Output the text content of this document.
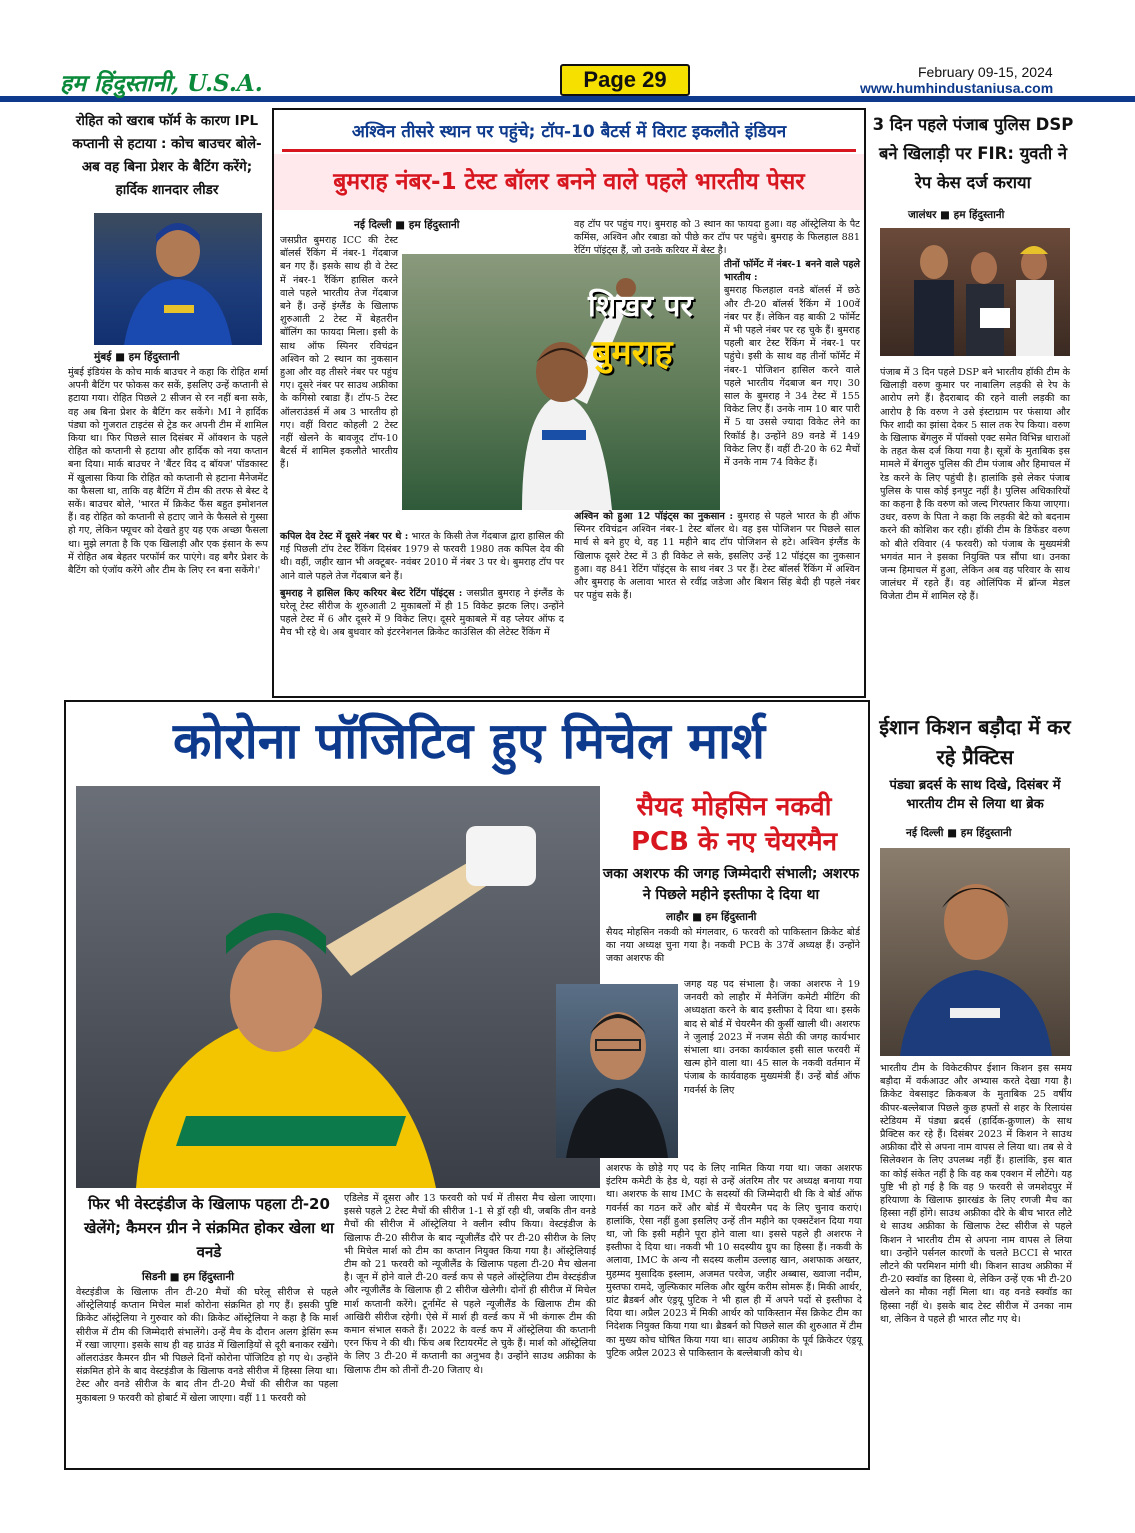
हम हिंदुस्तानी, U.S.A.	Page 29	February 09-15, 2024
www.humhindustaniusa.com
रोहित को खराब फॉर्म के कारण IPL कप्तानी से हटाया : कोच बाउचर बोले- अब वह बिना प्रेशर के बैटिंग करेंगे; हार्दिक शानदार लीडर

मुंबई ■ हम हिंदुस्तानी

मुंबई इंडियंस के कोच मार्क बाउचर ने कहा कि रोहित शर्मा अपनी बैटिंग पर फोकस कर सकें, इसलिए उन्हें कप्तानी से हटाया गया। रोहित पिछले 2 सीजन से रन नहीं बना सके, वह अब बिना प्रेशर के बैटिंग कर सकेंगे। MI ने हार्दिक पंड्या को गुजरात टाइटंस से ट्रेड कर अपनी टीम में शामिल किया था। फिर पिछले साल दिसंबर में ऑक्शन के पहले रोहित को कप्तानी से हटाया और हार्दिक को नया कप्तान बना दिया। मार्क बाउचर ने 'बैंटर विद द बॉयज' पॉडकास्ट में खुलासा किया कि रोहित को कप्तानी से हटाना मैनेजमेंट का फैसला था, ताकि वह बैटिंग में टीम की तरफ से बेस्ट दे सकें। बाउचर बोले, 'भारत में क्रिकेट फैंस बहुत इमोशनल हैं। वह रोहित को कप्तानी से हटाए जाने के फैसले से गुस्सा हो गए, लेकिन फ्यूचर को देखते हुए यह एक अच्छा फैसला था। मुझे लगता है कि एक खिलाड़ी और एक इंसान के रूप में रोहित अब बेहतर परफॉर्म कर पाएंगे। वह बगैर प्रेशर के बैटिंग को एंजॉय करेंगे और टीम के लिए रन बना सकेंगे।'

अश्विन तीसरे स्थान पर पहुंचे; टॉप-10 बैटर्स में विराट इकलौते इंडियन
बुमराह नंबर-1 टेस्ट बॉलर बनने वाले पहले भारतीय पेसर

नई दिल्ली ■ हम हिंदुस्तानी

शिखर पर
बुमराह

जसप्रीत बुमराह ICC की टेस्ट बॉलर्स रैंकिंग में नंबर-1 गेंदबाज बन गए हैं। इसके साथ ही वे टेस्ट में नंबर-1 रैंकिंग हासिल करने वाले पहले भारतीय तेज गेंदबाज बने हैं। उन्हें इंग्लैंड के खिलाफ शुरुआती 2 टेस्ट में बेहतरीन बॉलिंग का फायदा मिला। इसी के साथ ऑफ स्पिनर रविचंद्रन अश्विन को 2 स्थान का नुकसान हुआ और वह तीसरे नंबर पर पहुंच गए। दूसरे नंबर पर साउथ अफ्रीका के कगिसो रबाडा हैं। टॉप-5 टेस्ट ऑलराउंडर्स में अब 3 भारतीय हो गए। वहीं विराट कोहली 2 टेस्ट नहीं खेलने के बावजूद टॉप-10 बैटर्स में शामिल इकलौते भारतीय हैं।

कपिल देव टेस्ट में दूसरे नंबर पर थे : भारत के किसी तेज गेंदबाज द्वारा हासिल की गई पिछली टॉप टेस्ट रैंकिंग दिसंबर 1979 से फरवरी 1980 तक कपिल देव की थी। वहीं, जहीर खान भी अक्टूबर- नवंबर 2010 में नंबर 3 पर थे। बुमराह टॉप पर आने वाले पहले तेज गेंदबाज बने हैं।

बुमराह ने हासिल किए करियर बेस्ट रेटिंग पॉइंट्स : जसप्रीत बुमराह ने इंग्लैंड के घरेलू टेस्ट सीरीज के शुरुआती 2 मुकाबलों में ही 15 विकेट झटक लिए। उन्होंने पहले टेस्ट में 6 और दूसरे में 9 विकेट लिए। दूसरे मुकाबले में वह प्लेयर ऑफ द मैच भी रहे थे। अब बुधवार को इंटरनेशनल क्रिकेट काउंसिल की लेटेस्ट रैंकिंग में

वह टॉप पर पहुंच गए। बुमराह को 3 स्थान का फायदा हुआ। वह ऑस्ट्रेलिया के पैट कमिंस, अश्विन और रबाडा को पीछे कर टॉप पर पहुंचे। बुमराह के फिलहाल 881 रेटिंग पॉइंट्स हैं, जो उनके करियर में बेस्ट है।

तीनों फॉर्मेट में नंबर-1 बनने वाले पहले भारतीय :

बुमराह फिलहाल वनडे बॉलर्स में छठे और टी-20 बॉलर्स रैंकिंग में 100वें नंबर पर हैं। लेकिन वह बाकी 2 फॉर्मेट में भी पहले नंबर पर रह चुके हैं। बुमराह पहली बार टेस्ट रैंकिंग में नंबर-1 पर पहुंचे। इसी के साथ वह तीनों फॉर्मेट में नंबर-1 पोजिशन हासिल करने वाले पहले भारतीय गेंदबाज बन गए। 30 साल के बुमराह ने 34 टेस्ट में 155 विकेट लिए हैं। उनके नाम 10 बार पारी में 5 या उससे ज्यादा विकेट लेने का रिकॉर्ड है। उन्होंने 89 वनडे में 149 विकेट लिए हैं। वहीं टी-20 के 62 मैचों में उनके नाम 74 विकेट हैं।

अश्विन को हुआ 12 पॉइंट्स का नुकसान : बुमराह से पहले भारत के ही ऑफ स्पिनर रविचंद्रन अश्विन नंबर-1 टेस्ट बॉलर थे। वह इस पोजिशन पर पिछले साल मार्च से बने हुए थे, वह 11 महीने बाद टॉप पोजिशन से हटे। अश्विन इंग्लैंड के खिलाफ दूसरे टेस्ट में 3 ही विकेट ले सके, इसलिए उन्हें 12 पॉइंट्स का नुकसान हुआ। वह 841 रेटिंग पॉइंट्स के साथ नंबर 3 पर हैं। टेस्ट बॉलर्स रैंकिंग में अश्विन और बुमराह के अलावा भारत से रवींद्र जडेजा और बिशन सिंह बेदी ही पहले नंबर पर पहुंच सके हैं।

3 दिन पहले पंजाब पुलिस DSP बने खिलाड़ी पर FIR: युवती ने रेप केस दर्ज कराया

जालंधर ■ हम हिंदुस्तानी

पंजाब में 3 दिन पहले DSP बने भारतीय हॉकी टीम के खिलाड़ी वरुण कुमार पर नाबालिग लड़की से रेप के आरोप लगे हैं। हैदराबाद की रहने वाली लड़की का आरोप है कि वरुण ने उसे इंस्टाग्राम पर फंसाया और फिर शादी का झांसा देकर 5 साल तक रेप किया। वरुण के खिलाफ बेंगलुरु में पॉक्सो एक्ट समेत विभिन्न धाराओं के तहत केस दर्ज किया गया है। सूत्रों के मुताबिक इस मामले में बेंगलुरु पुलिस की टीम पंजाब और हिमाचल में रेड करने के लिए पहुंची है। हालांकि इसे लेकर पंजाब पुलिस के पास कोई इनपुट नहीं है। पुलिस अधिकारियों का कहना है कि वरुण को जल्द गिरफ्तार किया जाएगा। उधर, वरुण के पिता ने कहा कि लड़की बेटे को बदनाम करने की कोशिश कर रही। हॉकी टीम के डिफेंडर वरुण को बीते रविवार (4 फरवरी) को पंजाब के मुख्यमंत्री भगवंत मान ने इसका नियुक्ति पत्र सौंपा था। उनका जन्म हिमाचल में हुआ, लेकिन अब वह परिवार के साथ जालंधर में रहते हैं। वह ओलिंपिक में ब्रॉन्ज मेडल विजेता टीम में शामिल रहे हैं।

कोरोना पॉजिटिव हुए मिचेल मार्श
सैयद मोहसिन नकवी
PCB के नए चेयरमैन
जका अशरफ की जगह जिम्मेदारी संभाली; अशरफ ने पिछले महीने इस्तीफा दे दिया था

लाहौर ■ हम हिंदुस्तानी

सैयद मोहसिन नकवी को मंगलवार, 6 फरवरी को पाकिस्तान क्रिकेट बोर्ड का नया अध्यक्ष चुना गया है। नकवी PCB के 37वें अध्यक्ष हैं। उन्होंने जका अशरफ की

जगह यह पद संभाला है। जका अशरफ ने 19 जनवरी को लाहौर में मैनेजिंग कमेटी मीटिंग की अध्यक्षता करने के बाद इस्तीफा दे दिया था। इसके बाद से बोर्ड में चेयरमैन की कुर्सी खाली थी। अशरफ ने जुलाई 2023 में नजम सेठी की जगह कार्यभार संभाला था। उनका कार्यकाल इसी साल फरवरी में खत्म होने वाला था। 45 साल के नकवी वर्तमान में पंजाब के कार्यवाहक मुख्यमंत्री हैं। उन्हें बोर्ड ऑफ गवर्नर्स के लिए

अशरफ के छोड़े गए पद के लिए नामित किया गया था। जका अशरफ इंटरिम कमेटी के हेड थे, यहां से उन्हें अंतरिम तौर पर अध्यक्ष बनाया गया था। अशरफ के साथ IMC के सदस्यों की जिम्मेदारी थी कि वे बोर्ड ऑफ गवर्नर्स का गठन करें और बोर्ड में चैयरमैन पद के लिए चुनाव कराएं। हालांकि, ऐसा नहीं हुआ इसलिए उन्हें तीन महीने का एक्सटेंशन दिया गया था, जो कि इसी महीने पूरा होने वाला था। इससे पहले ही अशरफ ने इस्तीफा दे दिया था। नकवी भी 10 सदस्यीय ग्रुप का हिस्सा हैं। नकवी के अलावा, IMC के अन्य नौ सदस्य कलीम उल्लाह खान, अशफाक अख्तर, मुहम्मद मुसादिक इस्लाम, अजमत परवेज, जहीर अब्बास, ख्वाजा नदीम, मुस्तफा रामदे, जुल्फिकार मलिक और खुर्रम करीम सोमरू हैं। मिकी आर्थर, ग्रांट ब्रैडबर्न और एंड्रयू पुटिक ने भी हाल ही में अपने पदों से इस्तीफा दे दिया था। अप्रैल 2023 में मिकी आर्थर को पाकिस्तान मेंस क्रिकेट टीम का निदेशक नियुक्त किया गया था। ब्रैडबर्न को पिछले साल की शुरुआत में टीम का मुख्य कोच घोषित किया गया था। साउथ अफ्रीका के पूर्व क्रिकेटर एंड्रयू पुटिक अप्रैल 2023 से पाकिस्तान के बल्लेबाजी कोच थे।

फिर भी वेस्टइंडीज के खिलाफ पहला टी-20 खेलेंगे; कैमरन ग्रीन ने संक्रमित होकर खेला था वनडे

सिडनी ■ हम हिंदुस्तानी

वेस्टइंडीज के खिलाफ तीन टी-20 मैचों की घरेलू सीरीज से पहले ऑस्ट्रेलियाई कप्तान मिचेल मार्श कोरोना संक्रमित हो गए हैं। इसकी पुष्टि क्रिकेट ऑस्ट्रेलिया ने गुरुवार को की। क्रिकेट ऑस्ट्रेलिया ने कहा है कि मार्श सीरीज में टीम की जिम्मेदारी संभालेंगे। उन्हें मैच के दौरान अलग ड्रेसिंग रूम में रखा जाएगा। इसके साथ ही वह ग्राउंड में खिलाड़ियों से दूरी बनाकर रखेंगे। ऑलराउंडर कैमरन ग्रीन भी पिछले दिनों कोरोना पॉजिटिव हो गए थे। उन्होंने संक्रमित होने के बाद वेस्टइंडीज के खिलाफ वनडे सीरीज में हिस्सा लिया था। टेस्ट और वनडे सीरीज के बाद तीन टी-20 मैचों की सीरीज का पहला मुकाबला 9 फरवरी को होबार्ट में खेला जाएगा। वहीं 11 फरवरी को

एडिलेड में दूसरा और 13 फरवरी को पर्थ में तीसरा मैच खेला जाएगा। इससे पहले 2 टेस्ट मैचों की सीरीज 1-1 से ड्रॉ रही थी, जबकि तीन वनडे मैचों की सीरीज में ऑस्ट्रेलिया ने क्लीन स्वीप किया। वेस्टइंडीज के खिलाफ टी-20 सीरीज के बाद न्यूजीलैंड दौरे पर टी-20 सीरीज के लिए भी मिचेल मार्श को टीम का कप्तान नियुक्त किया गया है। ऑस्ट्रेलियाई टीम को 21 फरवरी को न्यूजीलैंड के खिलाफ पहला टी-20 मैच खेलना है। जून में होने वाले टी-20 वर्ल्ड कप से पहले ऑस्ट्रेलिया टीम वेस्टइंडीज और न्यूजीलैंड के खिलाफ ही 2 सीरीज खेलेगी। दोनों ही सीरीज में मिचेल मार्श कप्तानी करेंगे। टूर्नामेंट से पहले न्यूजीलैंड के खिलाफ टीम की आखिरी सीरीज रहेगी। ऐसे में मार्श ही वर्ल्ड कप में भी कंगारू टीम की कमान संभाल सकते हैं। 2022 के वर्ल्ड कप में ऑस्ट्रेलिया की कप्तानी एरन फिंच ने की थी। फिंच अब रिटायरमेंट ले चुके हैं। मार्श को ऑस्ट्रेलिया के लिए 3 टी-20 में कप्तानी का अनुभव है। उन्होंने साउथ अफ्रीका के खिलाफ टीम को तीनों टी-20 जिताए थे।

ईशान किशन बड़ौदा में कर रहे प्रैक्टिस
पंड्या ब्रदर्स के साथ दिखे, दिसंबर में भारतीय टीम से लिया था ब्रेक

नई दिल्ली ■ हम हिंदुस्तानी

भारतीय टीम के विकेटकीपर ईशान किशन इस समय बड़ौदा में वर्कआउट और अभ्यास करते देखा गया है। क्रिकेट वेबसाइट क्रिकबज के मुताबिक 25 वर्षीय कीपर-बल्लेबाज पिछले कुछ हफ्तों से शहर के रिलायंस स्टेडियम में पंड्या ब्रदर्स (हार्दिक-क्रुणाल) के साथ प्रैक्टिस कर रहे हैं। दिसंबर 2023 में किशन ने साउथ अफ्रीका दौरे से अपना नाम वापस ले लिया था। तब से वे सिलेक्शन के लिए उपलब्ध नहीं हैं। हालांकि, इस बात का कोई संकेत नहीं है कि वह कब एक्शन में लौटेंगे। यह पुष्टि भी हो गई है कि वह 9 फरवरी से जमशेदपुर में हरियाणा के खिलाफ झारखंड के लिए रणजी मैच का हिस्सा नहीं होंगे। साउथ अफ्रीका दौरे के बीच भारत लौटे थे साउथ अफ्रीका के खिलाफ टेस्ट सीरीज से पहले किशन ने भारतीय टीम से अपना नाम वापस ले लिया था। उन्होंने पर्सनल कारणों के चलते BCCI से भारत लौटने की परमिशन मांगी थी। किशन साउथ अफ्रीका में टी-20 स्क्वॉड का हिस्सा थे, लेकिन उन्हें एक भी टी-20 खेलने का मौका नहीं मिला था। वह वनडे स्क्वॉड का हिस्सा नहीं थे। इसके बाद टेस्ट सीरीज में उनका नाम था, लेकिन वे पहले ही भारत लौट गए थे।
